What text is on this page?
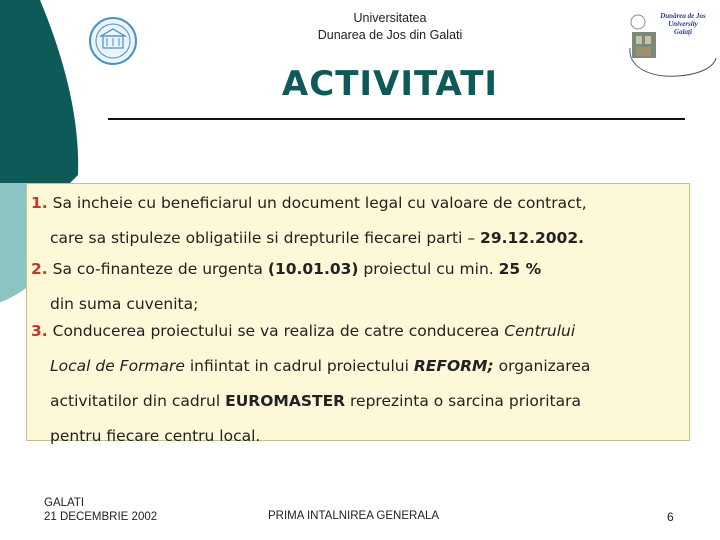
Universitatea
Dunarea de Jos din Galati
Dunărea de Jos
University
Galaţi
ACTIVITATI
1. Sa incheie cu beneficiarul un document legal cu valoare de contract,
care sa stipuleze obligatiile si drepturile fiecarei parti – 29.12.2002.
2. Sa co-finanteze de urgenta (10.01.03) proiectul cu min. 25 %
din suma cuvenita;
3. Conducerea proiectului se va realiza de catre conducerea Centrului
Local de Formare infiintat in cadrul proiectului REFORM; organizarea
activitatilor din cadrul EUROMASTER reprezinta o sarcina prioritara
pentru fiecare centru local.
GALATI
21 DECEMBRIE 2002	PRIMA INTALNIREA GENERALA	6
